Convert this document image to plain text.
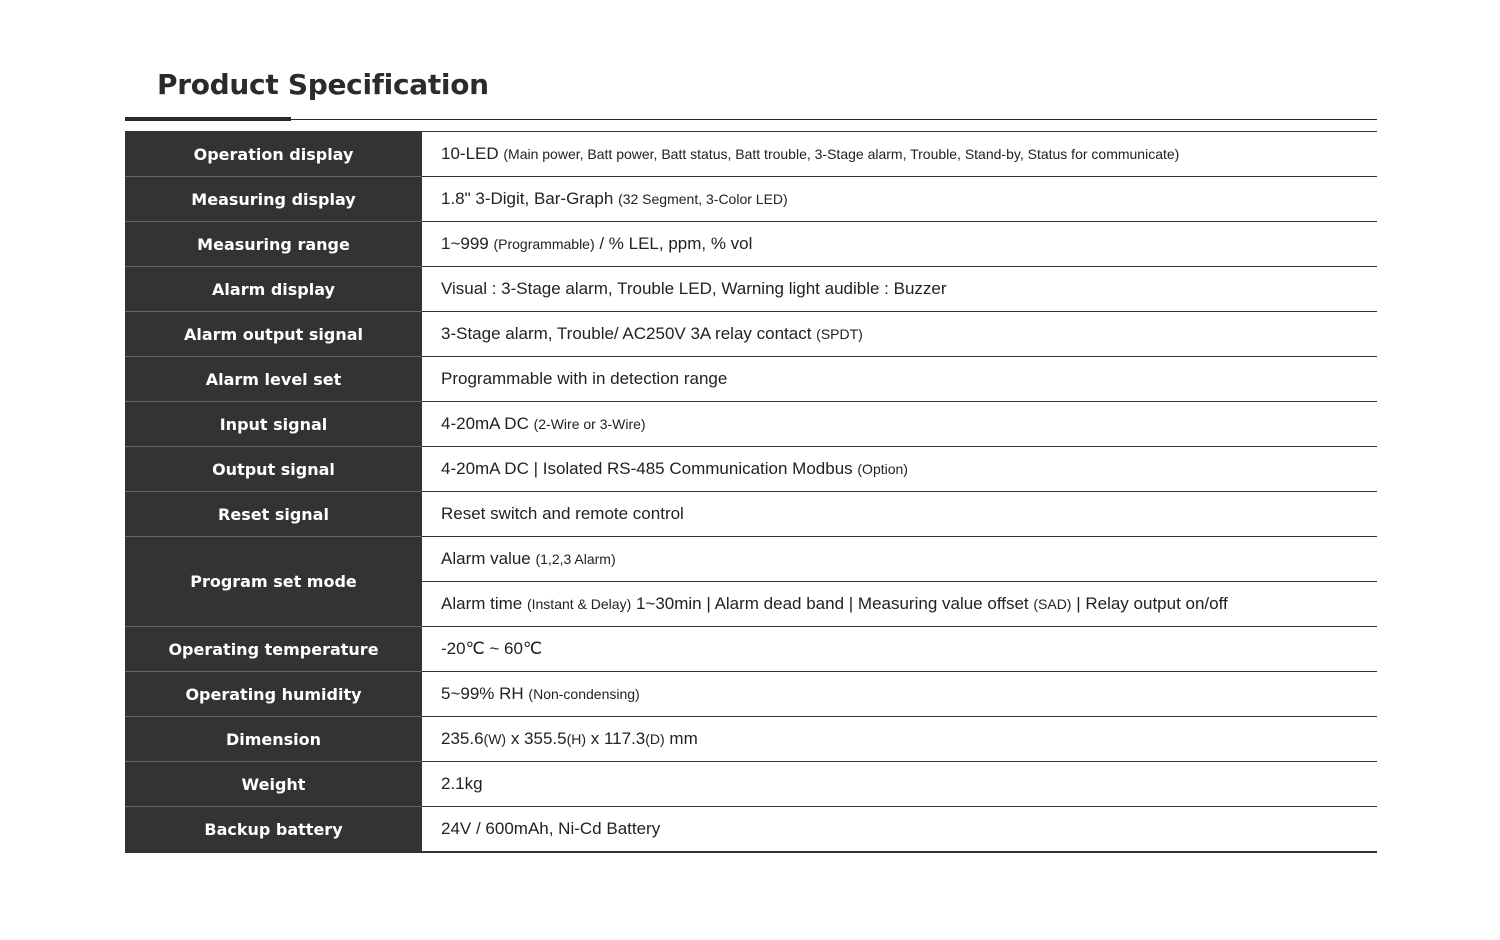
Product Specification
Operation display	10-LED (Main power, Batt power, Batt status, Batt trouble, 3-Stage alarm, Trouble, Stand-by, Status for communicate)
Measuring display	1.8" 3-Digit, Bar-Graph (32 Segment, 3-Color LED)
Measuring range	1~999 (Programmable) / % LEL, ppm, % vol
Alarm display	Visual : 3-Stage alarm, Trouble LED, Warning light audible : Buzzer
Alarm output signal	3-Stage alarm, Trouble/ AC250V 3A relay contact (SPDT)
Alarm level set	Programmable with in detection range
Input signal	4-20mA DC (2-Wire or 3-Wire)
Output signal	4-20mA DC | Isolated RS-485 Communication Modbus (Option)
Reset signal	Reset switch and remote control
Program set mode	Alarm value (1,2,3 Alarm)
	Alarm time (Instant & Delay) 1~30min | Alarm dead band | Measuring value offset (SAD) | Relay output on/off
Operating temperature	-20℃ ~ 60℃
Operating humidity	5~99% RH (Non-condensing)
Dimension	235.6(W) x 355.5(H) x 117.3(D) mm
Weight	2.1kg
Backup battery	24V / 600mAh, Ni-Cd Battery
